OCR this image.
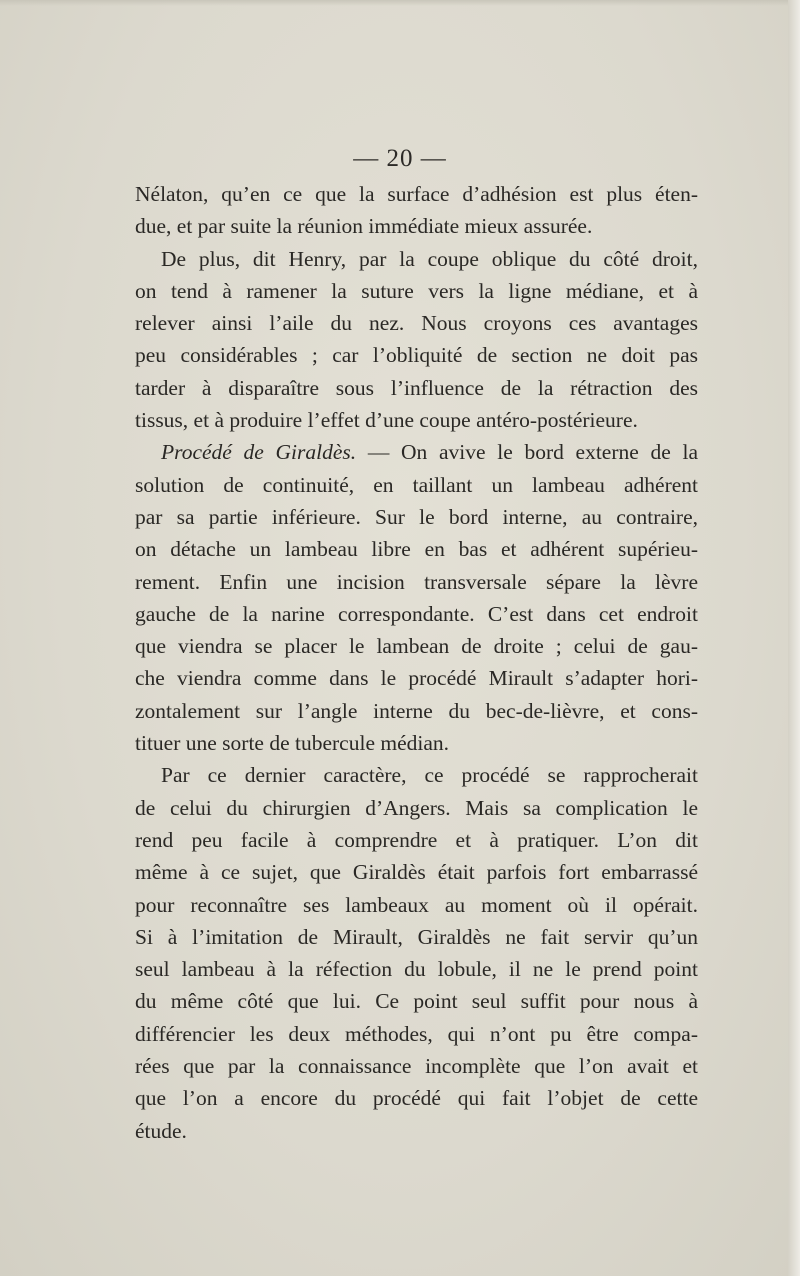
— 20 —
Nélaton, qu’en ce que la surface d’adhésion est plus éten-
due, et par suite la réunion immédiate mieux assurée.
De plus, dit Henry, par la coupe oblique du côté droit,
on tend à ramener la suture vers la ligne médiane, et à
relever ainsi l’aile du nez. Nous croyons ces avantages
peu considérables ; car l’obliquité de section ne doit pas
tarder à disparaître sous l’influence de la rétraction des
tissus, et à produire l’effet d’une coupe antéro-postérieure.
Procédé de Giraldès. — On avive le bord externe de la
solution de continuité, en taillant un lambeau adhérent
par sa partie inférieure. Sur le bord interne, au contraire,
on détache un lambeau libre en bas et adhérent supérieu-
rement. Enfin une incision transversale sépare la lèvre
gauche de la narine correspondante. C’est dans cet endroit
que viendra se placer le lambean de droite ; celui de gau-
che viendra comme dans le procédé Mirault s’adapter hori-
zontalement sur l’angle interne du bec-de-lièvre, et cons-
tituer une sorte de tubercule médian.
Par ce dernier caractère, ce procédé se rapprocherait
de celui du chirurgien d’Angers. Mais sa complication le
rend peu facile à comprendre et à pratiquer. L’on dit
même à ce sujet, que Giraldès était parfois fort embarrassé
pour reconnaître ses lambeaux au moment où il opérait.
Si à l’imitation de Mirault, Giraldès ne fait servir qu’un
seul lambeau à la réfection du lobule, il ne le prend point
du même côté que lui. Ce point seul suffit pour nous à
différencier les deux méthodes, qui n’ont pu être compa-
rées que par la connaissance incomplète que l’on avait et
que l’on a encore du procédé qui fait l’objet de cette
étude.
